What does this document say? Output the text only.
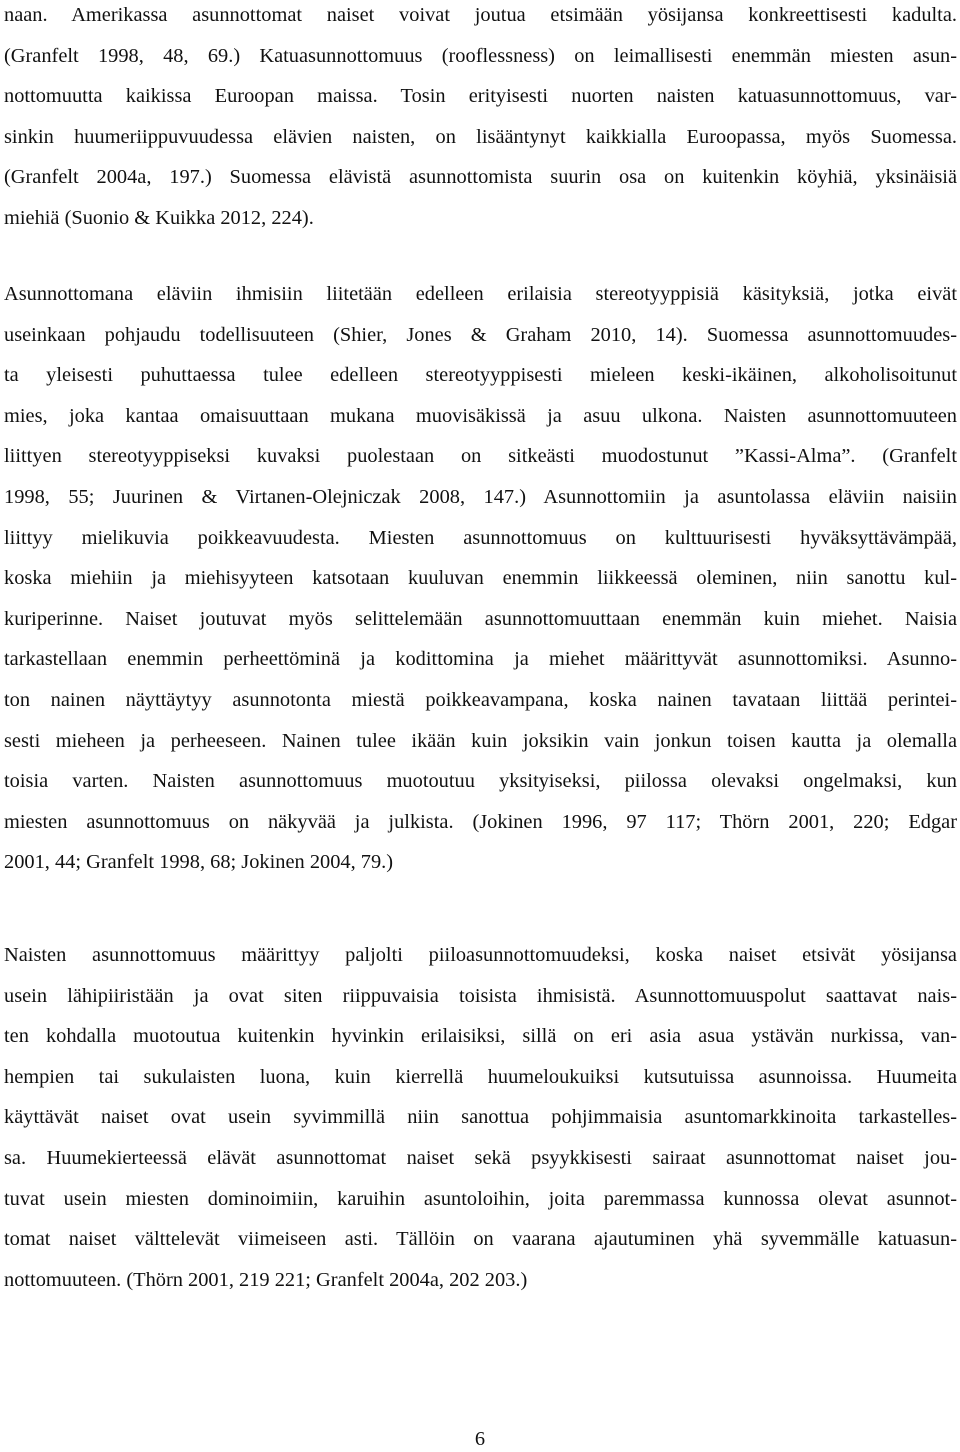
naan. Amerikassa asunnottomat naiset voivat joutua etsimään yösijansa konkreettisesti kadulta.
(Granfelt 1998, 48, 69.) Katuasunnottomuus (rooflessness) on leimallisesti enemmän miesten asun-
nottomuutta kaikissa Euroopan maissa. Tosin erityisesti nuorten naisten katuasunnottomuus, var-
sinkin huumeriippuvuudessa elävien naisten, on lisääntynyt kaikkialla Euroopassa, myös Suomessa.
(Granfelt 2004a, 197.) Suomessa elävistä asunnottomista suurin osa on kuitenkin köyhiä, yksinäisiä
miehiä (Suonio & Kuikka 2012, 224).
Asunnottomana eläviin ihmisiin liitetään edelleen erilaisia stereotyyppisiä käsityksiä, jotka eivät
useinkaan pohjaudu todellisuuteen (Shier, Jones & Graham 2010, 14). Suomessa asunnottomuudes-
ta yleisesti puhuttaessa tulee edelleen stereotyyppisesti mieleen keski-ikäinen, alkoholisoitunut
mies, joka kantaa omaisuuttaan mukana muovisäkissä ja asuu ulkona. Naisten asunnottomuuteen
liittyen stereotyyppiseksi kuvaksi puolestaan on sitkeästi muodostunut ”Kassi-Alma”. (Granfelt
1998, 55; Juurinen & Virtanen-Olejniczak 2008, 147.) Asunnottomiin ja asuntolassa eläviin naisiin
liittyy mielikuvia poikkeavuudesta. Miesten asunnottomuus on kulttuurisesti hyväksyttävämpää,
koska miehiin ja miehisyyteen katsotaan kuuluvan enemmin liikkeessä oleminen, niin sanottu kul-
kuriperinne. Naiset joutuvat myös selittelemään asunnottomuuttaan enemmän kuin miehet. Naisia
tarkastellaan enemmin perheettöminä ja kodittomina ja miehet määrittyvät asunnottomiksi. Asunno-
ton nainen näyttäytyy asunnotonta miestä poikkeavampana, koska nainen tavataan liittää perintei-
sesti mieheen ja perheeseen. Nainen tulee ikään kuin joksikin vain jonkun toisen kautta ja olemalla
toisia varten. Naisten asunnottomuus muotoutuu yksityiseksi, piilossa olevaksi ongelmaksi, kun
miesten asunnottomuus on näkyvää ja julkista. (Jokinen 1996, 97 117; Thörn 2001, 220; Edgar
2001, 44; Granfelt 1998, 68; Jokinen 2004, 79.)
Naisten asunnottomuus määrittyy paljolti piiloasunnottomuudeksi, koska naiset etsivät yösijansa
usein lähipiiristään ja ovat siten riippuvaisia toisista ihmisistä. Asunnottomuuspolut saattavat nais-
ten kohdalla muotoutua kuitenkin hyvinkin erilaisiksi, sillä on eri asia asua ystävän nurkissa, van-
hempien tai sukulaisten luona, kuin kierrellä huumeloukuiksi kutsutuissa asunnoissa. Huumeita
käyttävät naiset ovat usein syvimmillä niin sanottua pohjimmaisia asuntomarkkinoita tarkastelles-
sa. Huumekierteessä elävät asunnottomat naiset sekä psyykkisesti sairaat asunnottomat naiset jou-
tuvat usein miesten dominoimiin, karuihin asuntoloihin, joita paremmassa kunnossa olevat asunnot-
tomat naiset välttelevät viimeiseen asti. Tällöin on vaarana ajautuminen yhä syvemmälle katuasun-
nottomuuteen. (Thörn 2001, 219 221; Granfelt 2004a, 202 203.)
6
